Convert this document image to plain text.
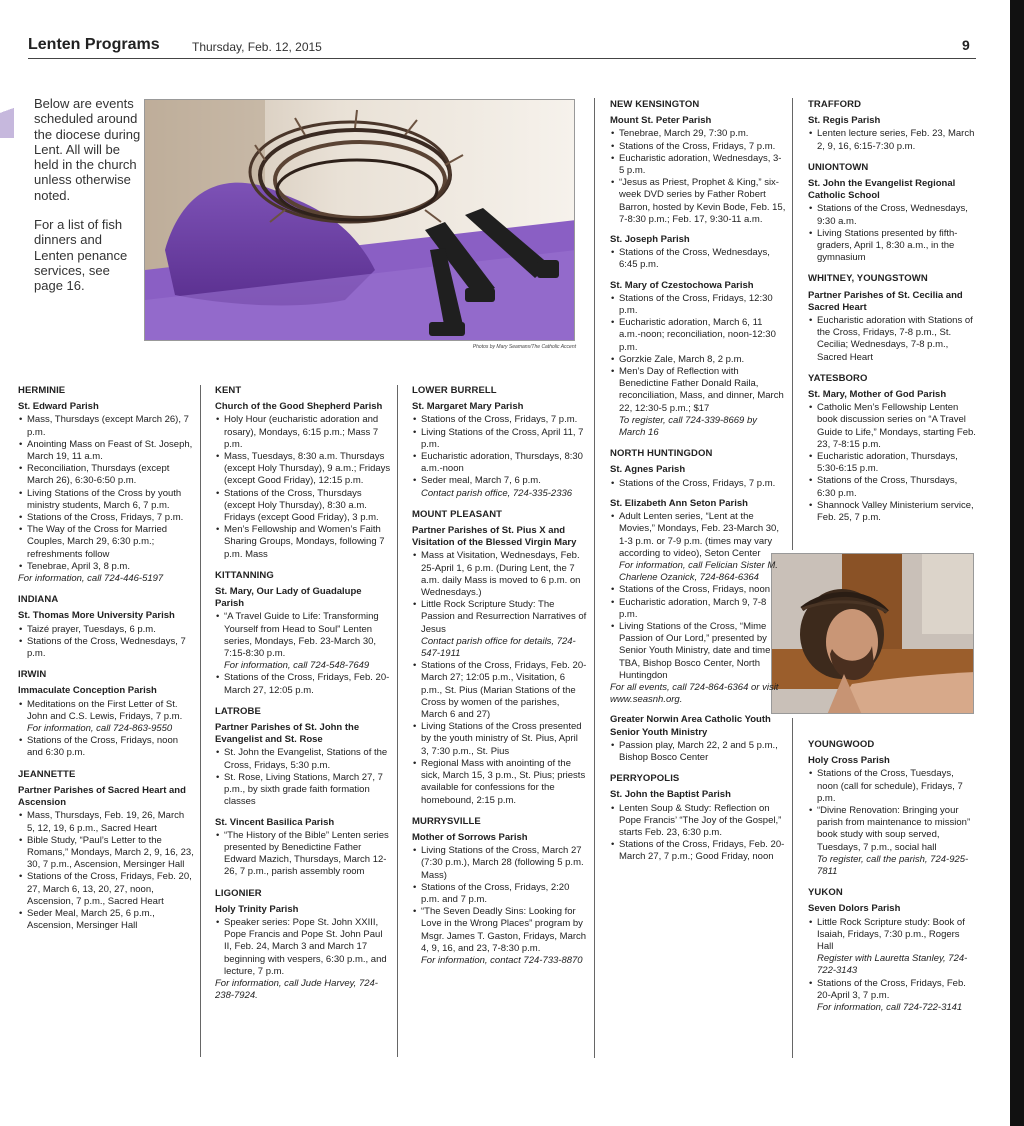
Lenten Programs	Thursday, Feb. 12, 2015	9

Below are events scheduled around the diocese during Lent. All will be held in the church unless otherwise noted.

For a list of fish dinners and Lenten penance services, see page 16.

Photos by Mary Seamans/The Catholic Accent
HERMINIE
St. Edward Parish
• Mass, Thursdays (except March 26), 7 p.m.
• Anointing Mass on Feast of St. Joseph, March 19, 11 a.m.
• Reconciliation, Thursdays (except March 26), 6:30-6:50 p.m.
• Living Stations of the Cross by youth ministry students, March 6, 7 p.m.
• Stations of the Cross, Fridays, 7 p.m.
• The Way of the Cross for Married Couples, March 29, 6:30 p.m.; refreshments follow
• Tenebrae, April 3, 8 p.m.
For information, call 724-446-5197
INDIANA
St. Thomas More University Parish
• Taizé prayer, Tuesdays, 6 p.m.
• Stations of the Cross, Wednesdays, 7 p.m.
IRWIN
Immaculate Conception Parish
• Meditations on the First Letter of St. John and C.S. Lewis, Fridays, 7 p.m.
For information, call 724-863-9550
• Stations of the Cross, Fridays, noon and 6:30 p.m.
JEANNETTE
Partner Parishes of Sacred Heart and Ascension
• Mass, Thursdays, Feb. 19, 26, March 5, 12, 19, 6 p.m., Sacred Heart
• Bible Study, “Paul’s Letter to the Romans,” Mondays, March 2, 9, 16, 23, 30, 7 p.m., Ascension, Mersinger Hall
• Stations of the Cross, Fridays, Feb. 20, 27, March 6, 13, 20, 27, noon, Ascension, 7 p.m., Sacred Heart
• Seder Meal, March 25, 6 p.m., Ascension, Mersinger Hall
KENT
Church of the Good Shepherd Parish
• Holy Hour (eucharistic adoration and rosary), Mondays, 6:15 p.m.; Mass 7 p.m.
• Mass, Tuesdays, 8:30 a.m. Thursdays (except Holy Thursday), 9 a.m.; Fridays (except Good Friday), 12:15 p.m.
• Stations of the Cross, Thursdays (except Holy Thursday), 8:30 a.m. Fridays (except Good Friday), 3 p.m.
• Men’s Fellowship and Women’s Faith Sharing Groups, Mondays, following 7 p.m. Mass
KITTANNING
St. Mary, Our Lady of Guadalupe Parish
• “A Travel Guide to Life: Transforming Yourself from Head to Soul” Lenten series, Mondays, Feb. 23-March 30, 7:15-8:30 p.m.
For information, call 724-548-7649
• Stations of the Cross, Fridays, Feb. 20-March 27, 12:05 p.m.
LATROBE
Partner Parishes of St. John the Evangelist and St. Rose
• St. John the Evangelist, Stations of the Cross, Fridays, 5:30 p.m.
• St. Rose, Living Stations, March 27, 7 p.m., by sixth grade faith formation classes
St. Vincent Basilica Parish
• “The History of the Bible” Lenten series presented by Benedictine Father Edward Mazich, Thursdays, March 12-26, 7 p.m., parish assembly room
LIGONIER
Holy Trinity Parish
• Speaker series: Pope St. John XXIII, Pope Francis and Pope St. John Paul II, Feb. 24, March 3 and March 17 beginning with vespers, 6:30 p.m., and lecture, 7 p.m.
For information, call Jude Harvey, 724-238-7924.
LOWER BURRELL
St. Margaret Mary Parish
• Stations of the Cross, Fridays, 7 p.m.
• Living Stations of the Cross, April 11, 7 p.m.
• Eucharistic adoration, Thursdays, 8:30 a.m.-noon
• Seder meal, March 7, 6 p.m.
Contact parish office, 724-335-2336
MOUNT PLEASANT
Partner Parishes of St. Pius X and Visitation of the Blessed Virgin Mary
• Mass at Visitation, Wednesdays, Feb. 25-April 1, 6 p.m. (During Lent, the 7 a.m. daily Mass is moved to 6 p.m. on Wednesdays.)
• Little Rock Scripture Study: The Passion and Resurrection Narratives of Jesus
Contact parish office for details, 724-547-1911
• Stations of the Cross, Fridays, Feb. 20-March 27; 12:05 p.m., Visitation, 6 p.m., St. Pius (Marian Stations of the Cross by women of the parishes, March 6 and 27)
• Living Stations of the Cross presented by the youth ministry of St. Pius, April 3, 7:30 p.m., St. Pius
• Regional Mass with anointing of the sick, March 15, 3 p.m., St. Pius; priests available for confessions for the homebound, 2:15 p.m.
MURRYSVILLE
Mother of Sorrows Parish
• Living Stations of the Cross, March 27 (7:30 p.m.), March 28 (following 5 p.m. Mass)
• Stations of the Cross, Fridays, 2:20 p.m. and 7 p.m.
• “The Seven Deadly Sins: Looking for Love in the Wrong Places” program by Msgr. James T. Gaston, Fridays, March 4, 9, 16, and 23, 7-8:30 p.m.
For information, contact 724-733-8870
NEW KENSINGTON
Mount St. Peter Parish
• Tenebrae, March 29, 7:30 p.m.
• Stations of the Cross, Fridays, 7 p.m.
• Eucharistic adoration, Wednesdays, 3-5 p.m.
• “Jesus as Priest, Prophet & King,” six-week DVD series by Father Robert Barron, hosted by Kevin Bode, Feb. 15, 7-8:30 p.m.; Feb. 17, 9:30-11 a.m.
St. Joseph Parish
• Stations of the Cross, Wednesdays, 6:45 p.m.
St. Mary of Czestochowa Parish
• Stations of the Cross, Fridays, 12:30 p.m.
• Eucharistic adoration, March 6, 11 a.m.-noon; reconciliation, noon-12:30 p.m.
• Gorzkie Zale, March 8, 2 p.m.
• Men’s Day of Reflection with Benedictine Father Donald Raila, reconciliation, Mass, and dinner, March 22, 12:30-5 p.m.; $17
To register, call 724-339-8669 by March 16
NORTH HUNTINGDON
St. Agnes Parish
• Stations of the Cross, Fridays, 7 p.m.
St. Elizabeth Ann Seton Parish
• Adult Lenten series, “Lent at the Movies,” Mondays, Feb. 23-March 30, 1-3 p.m. or 7-9 p.m. (times may vary according to video), Seton Center
For information, call Felician Sister M. Charlene Ozanick, 724-864-6364
• Stations of the Cross, Fridays, noon
• Eucharistic adoration, March 9, 7-8 p.m.
• Living Stations of the Cross, “Mime Passion of Our Lord,” presented by Senior Youth Ministry, date and time TBA, Bishop Bosco Center, North Huntingdon
For all events, call 724-864-6364 or visit www.seasnh.org.
Greater Norwin Area Catholic Youth Senior Youth Ministry
• Passion play, March 22, 2 and 5 p.m., Bishop Bosco Center
PERRYOPOLIS
St. John the Baptist Parish
• Lenten Soup & Study: Reflection on Pope Francis’ “The Joy of the Gospel,” starts Feb. 23, 6:30 p.m.
• Stations of the Cross, Fridays, Feb. 20-March 27, 7 p.m.; Good Friday, noon
TRAFFORD
St. Regis Parish
• Lenten lecture series, Feb. 23, March 2, 9, 16, 6:15-7:30 p.m.
UNIONTOWN
St. John the Evangelist Regional Catholic School
• Stations of the Cross, Wednesdays, 9:30 a.m.
• Living Stations presented by fifth-graders, April 1, 8:30 a.m., in the gymnasium
WHITNEY, YOUNGSTOWN
Partner Parishes of St. Cecilia and Sacred Heart
• Eucharistic adoration with Stations of the Cross, Fridays, 7-8 p.m., St. Cecilia; Wednesdays, 7-8 p.m., Sacred Heart
YATESBORO
St. Mary, Mother of God Parish
• Catholic Men’s Fellowship Lenten book discussion series on “A Travel Guide to Life,” Mondays, starting Feb. 23, 7-8:15 p.m.
• Eucharistic adoration, Thursdays, 5:30-6:15 p.m.
• Stations of the Cross, Thursdays, 6:30 p.m.
• Shannock Valley Ministerium service, Feb. 25, 7 p.m.
YOUNGWOOD
Holy Cross Parish
• Stations of the Cross, Tuesdays, noon (call for schedule), Fridays, 7 p.m.
• “Divine Renovation: Bringing your parish from maintenance to mission” book study with soup served, Tuesdays, 7 p.m., social hall
To register, call the parish, 724-925-7811
YUKON
Seven Dolors Parish
• Little Rock Scripture study: Book of Isaiah, Fridays, 7:30 p.m., Rogers Hall
Register with Lauretta Stanley, 724-722-3143
• Stations of the Cross, Fridays, Feb. 20-April 3, 7 p.m.
For information, call 724-722-3141
